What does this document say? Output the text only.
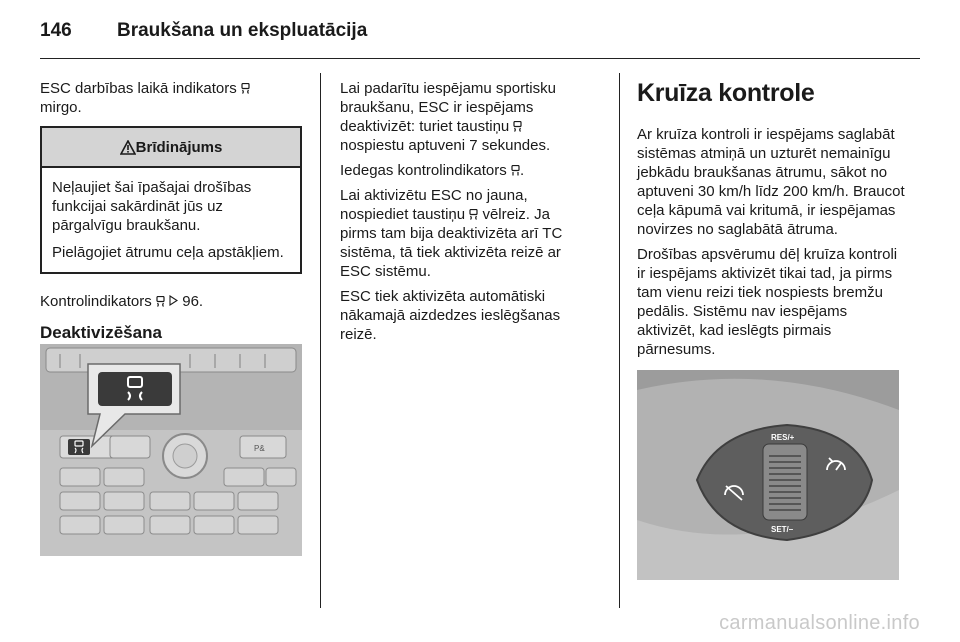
146 Braukšana un ekspluatācija

ESC darbības laikā indikators
mirgo.

Brīdinājums

Neļaujiet šai īpašajai drošības funkcijai sakārdināt jūs uz pārgalvīgu braukšanu.

Pielāgojiet ātrumu ceļa apstākļiem.

Kontrolindikators 96.

Deaktivizēšana
P&

Lai padarītu iespējamu sportisku braukšanu, ESC ir iespējams deaktivizēt: turiet taustiņu  nospiestu aptuveni 7 sekundes.

Iedegas kontrolindikators .

Lai aktivizētu ESC no jauna, nospiediet taustiņu vēlreiz. Ja pirms tam bija deaktivizēta arī TC sistēma, tā tiek aktivizēta reizē ar ESC sistēmu.

ESC tiek aktivizēta automātiski nākamajā aizdedzes ieslēgšanas reizē.

Kruīza kontrole

Ar kruīza kontroli ir iespējams saglabāt sistēmas atmiņā un uzturēt nemainīgu jebkādu braukšanas ātrumu, sākot no aptuveni 30 km/h līdz 200 km/h. Braucot ceļa kāpumā vai kritumā, ir iespējamas novirzes no saglabātā ātruma.

Drošības apsvērumu dēļ kruīza kontroli ir iespējams aktivizēt tikai tad, ja pirms tam vienu reizi tiek nospiests bremžu pedālis. Sistēmu nav iespējams aktivizēt, kad ieslēgts pirmais pārnesums.

RES/+
SET/–
carmanualsonline.info
